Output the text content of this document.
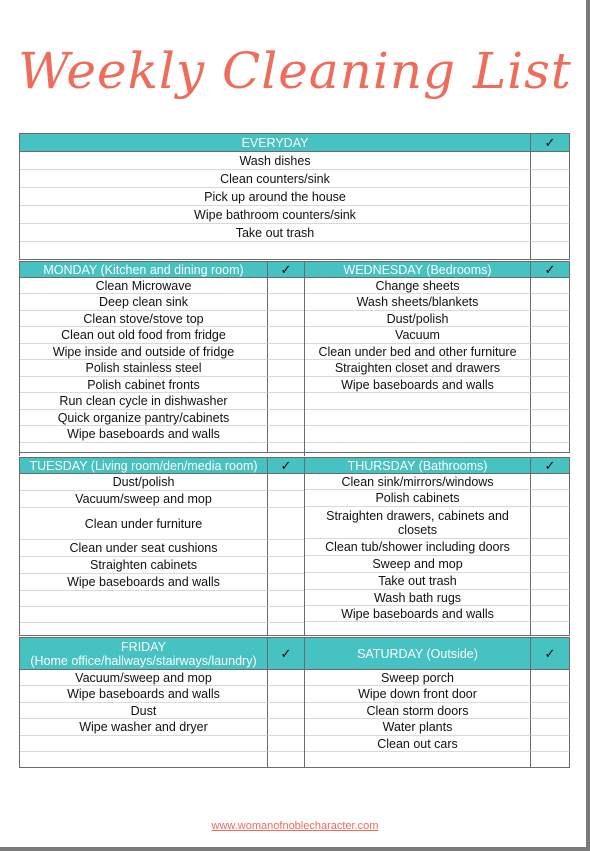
Weekly Cleaning List
EVERYDAY	✓
Wash dishes
Clean counters/sink
Pick up around the house
Wipe bathroom counters/sink
Take out trash
MONDAY (Kitchen and dining room)	✓
Clean Microwave
Deep clean sink
Clean stove/stove top
Clean out old food from fridge
Wipe inside and outside of fridge
Polish stainless steel
Polish cabinet fronts
Run clean cycle in dishwasher
Quick organize pantry/cabinets
Wipe baseboards and walls
WEDNESDAY (Bedrooms)	✓
Change sheets
Wash sheets/blankets
Dust/polish
Vacuum
Clean under bed and other furniture
Straighten closet and drawers
Wipe baseboards and walls
TUESDAY (Living room/den/media room)	✓
Dust/polish
Vacuum/sweep and mop
Clean under furniture
Clean under seat cushions
Straighten cabinets
Wipe baseboards and walls
THURSDAY (Bathrooms)	✓
Clean sink/mirrors/windows
Polish cabinets
Straighten drawers, cabinets and closets
Clean tub/shower including doors
Sweep and mop
Take out trash
Wash bath rugs
Wipe baseboards and walls
FRIDAY
(Home office/hallways/stairways/laundry)	✓
Vacuum/sweep and mop
Wipe baseboards and walls
Dust
Wipe washer and dryer
SATURDAY (Outside)	✓
Sweep porch
Wipe down front door
Clean storm doors
Water plants
Clean out cars
www.womanofnoblecharacter.com
